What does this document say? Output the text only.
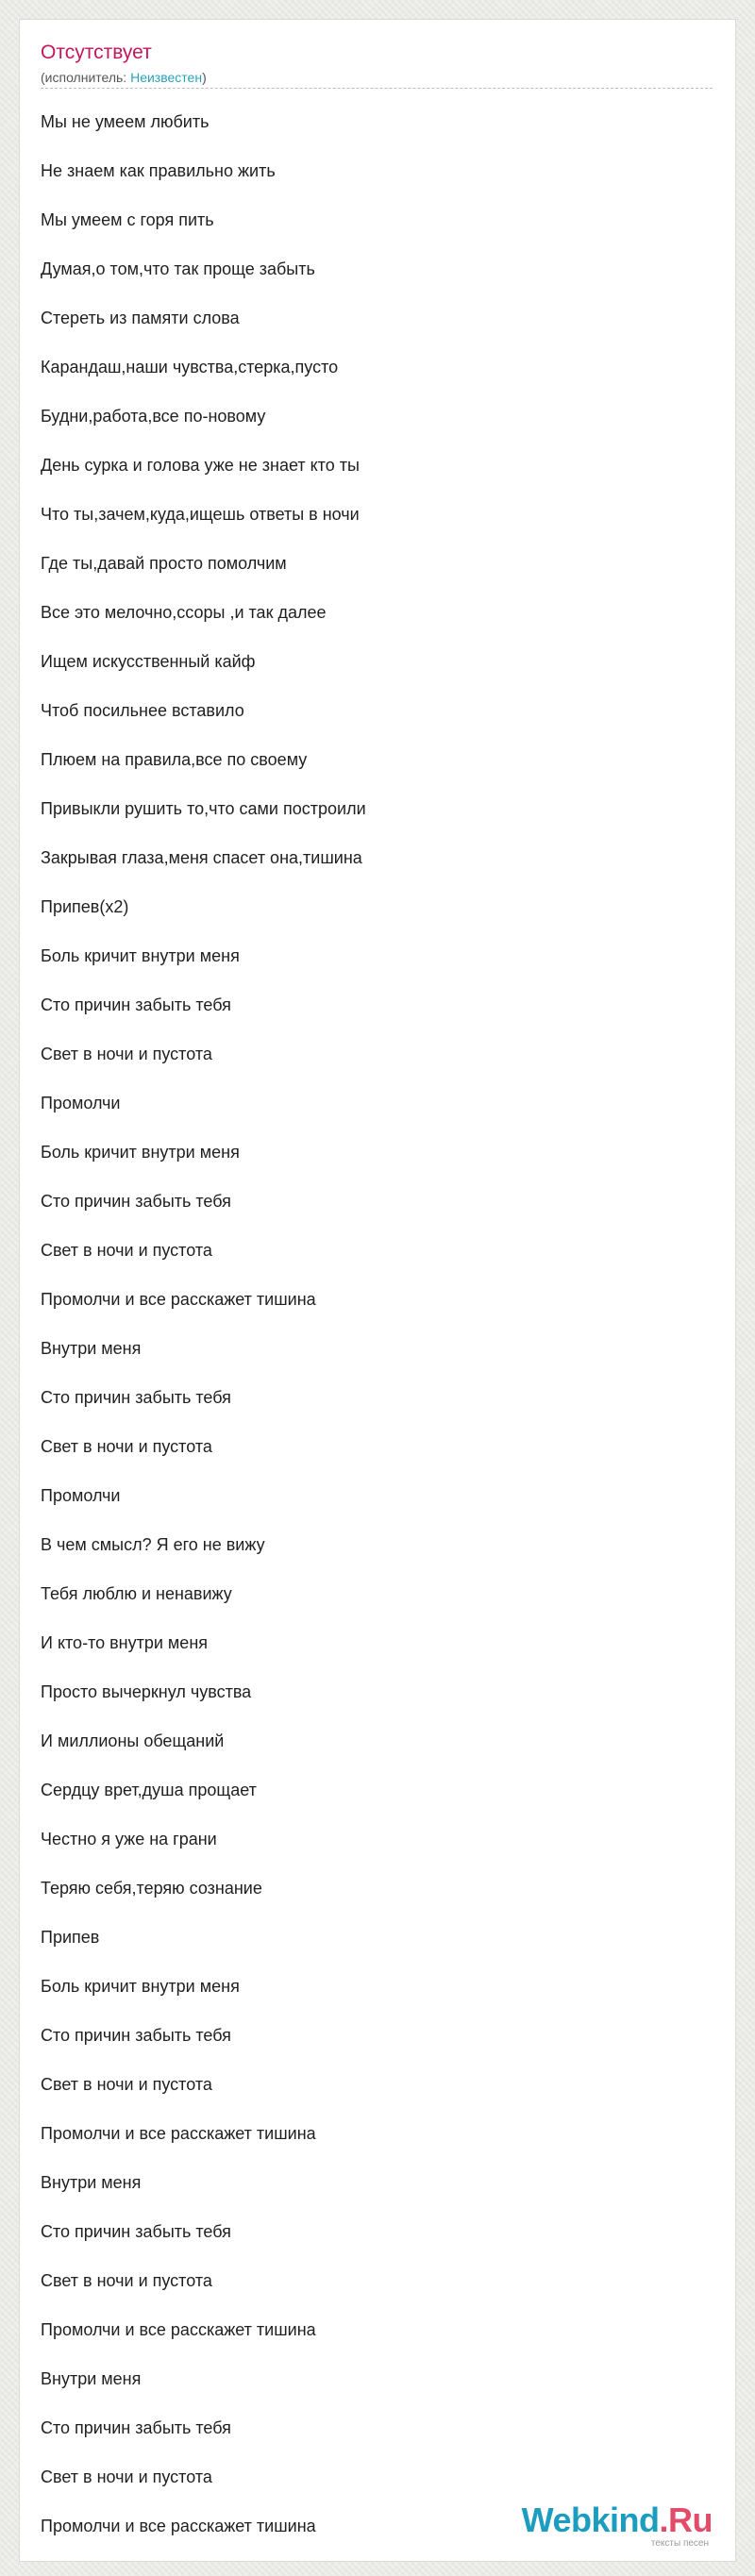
Отсутствует
(исполнитель: Неизвестен)
Мы не умеем любить
Не знаем как правильно жить
Мы умеем с горя пить
Думая,о том,что так проще забыть
Стереть из памяти слова
Карандаш,наши чувства,стерка,пусто
Будни,работа,все по-новому
День сурка и голова уже не знает кто ты
Что ты,зачем,куда,ищешь ответы в ночи
Где ты,давай просто помолчим
Все это мелочно,ссоры ,и так далее
Ищем искусственный кайф
Чтоб посильнее вставило
Плюем на правила,все по своему
Привыкли рушить то,что сами построили
Закрывая глаза,меня спасет она,тишина
Припев(x2)
Боль кричит внутри меня
Сто причин забыть тебя
Свет в ночи и пустота
Промолчи
Боль кричит внутри меня
Сто причин забыть тебя
Свет в ночи и пустота
Промолчи и все расскажет тишина
Внутри меня
Сто причин забыть тебя
Свет в ночи и пустота
Промолчи
В чем смысл? Я его не вижу
Тебя люблю и ненавижу
И кто-то внутри меня
Просто вычеркнул чувства
И миллионы обещаний
Сердцу врет,душа прощает
Честно я уже на грани
Теряю себя,теряю сознание
Припев
Боль кричит внутри меня
Сто причин забыть тебя
Свет в ночи и пустота
Промолчи и все расскажет тишина
Внутри меня
Сто причин забыть тебя
Свет в ночи и пустота
Промолчи и все расскажет тишина
Внутри меня
Сто причин забыть тебя
Свет в ночи и пустота
Промолчи и все расскажет тишина	Webkind.Ru
тексты песен
